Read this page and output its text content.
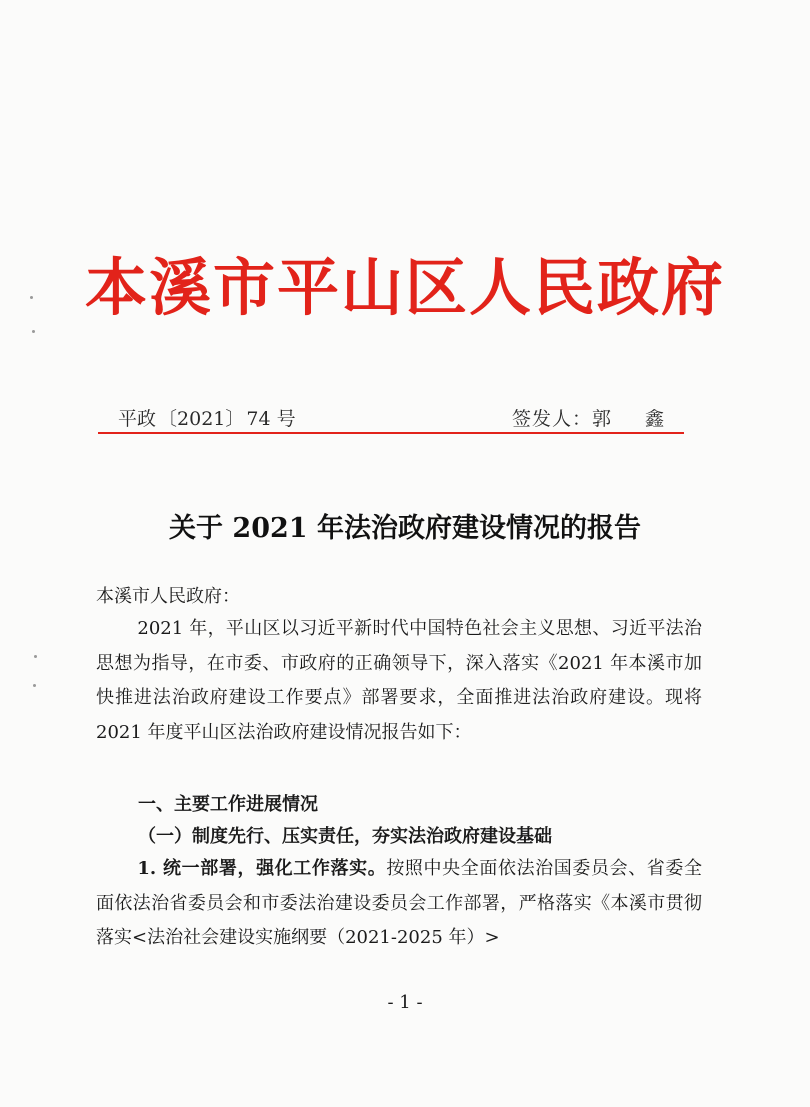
本溪市平山区人民政府
平政 〔2021〕 74 号	签发人：郭 鑫
关于 2021 年法治政府建设情况的报告
本溪市人民政府：
2021 年，平山区以习近平新时代中国特色社会主义思想、习近平法治思想为指导，在市委、市政府的正确领导下，深入落实《2021 年本溪市加快推进法治政府建设工作要点》部署要求，全面推进法治政府建设。现将 2021 年度平山区法治政府建设情况报告如下：
一、主要工作进展情况
（一）制度先行、压实责任，夯实法治政府建设基础
1. 统一部署，强化工作落实。按照中央全面依法治国委员会、省委全面依法治省委员会和市委法治建设委员会工作部署，严格落实《本溪市贯彻落实<法治社会建设实施纲要（2021-2025 年）>
- 1 -
